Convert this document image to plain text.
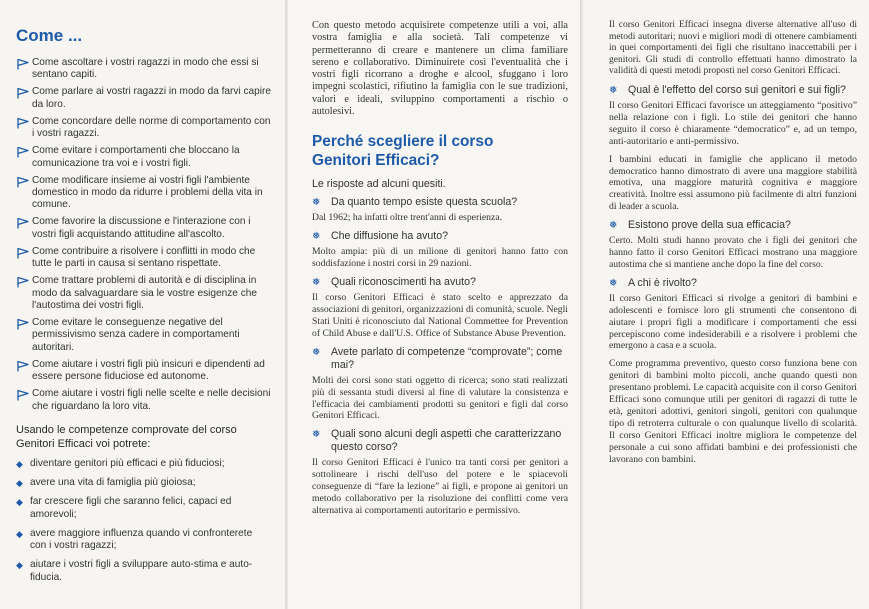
Come ...
Come ascoltare i vostri ragazzi in modo che essi si sentano capiti.
Come parlare ai vostri ragazzi in modo da farvi capire da loro.
Come concordare delle norme di comportamento con i vostri ragazzi.
Come evitare i comportamenti che bloccano la comunicazione tra voi e i vostri figli.
Come modificare insieme ai vostri figli l'ambiente domestico in modo da ridurre i problemi della vita in comune.
Come favorire la discussione e l'interazione con i vostri figli acquistando attitudine all'ascolto.
Come contribuire a risolvere i conflitti in modo che tutte le parti in causa si sentano rispettate.
Come trattare problemi di autorità e di disciplina in modo da salvaguardare sia le vostre esigenze che l'autostima dei vostri figli.
Come evitare le conseguenze negative del permissivismo senza cadere in comportamenti autoritari.
Come aiutare i vostri figli più insicuri e dipendenti ad essere persone fiduciose ed autonome.
Come aiutare i vostri figli nelle scelte e nelle decisioni che riguardano la loro vita.

Usando le competenze comprovate del corso Genitori Efficaci voi potrete:

◆ diventare genitori più efficaci e più fiduciosi;
◆ avere una vita di famiglia più gioiosa;
◆ far crescere figli che saranno felici, capaci ed amorevoli;
◆ avere maggiore influenza quando vi confronterete con i vostri ragazzi;
◆ aiutare i vostri figli a sviluppare auto-stima e auto-fiducia.

Con questo metodo acquisirete competenze utili a voi, alla vostra famiglia e alla società. Tali competenze vi permetteranno di creare e mantenere un clima familiare sereno e collaborativo. Diminuirete così l'eventualità che i vostri figli ricorrano a droghe e alcool, sfuggano i loro impegni scolastici, rifiutino la famiglia con le sue tradizioni, valori e ideali, sviluppino comportamenti a rischio o autolesivi.

Perché scegliere il corso
Genitori Efficaci?

Le risposte ad alcuni quesiti.

❅	Da quanto tempo esiste questa scuola?

Dal 1962; ha infatti oltre trent'anni di esperienza.

❅	Che diffusione ha avuto?

Molto ampia: più di un milione di genitori hanno fatto con soddisfazione i nostri corsi in 29 nazioni.

❅	Quali riconoscimenti ha avuto?

Il corso Genitori Efficaci è stato scelto e apprezzato da associazioni di genitori, organizzazioni di comunità, scuole. Negli Stati Uniti è riconosciuto dal National Commettee for Prevention of Child Abuse e dall'U.S. Office of Substance Abuse Prevention.

❅	Avete parlato di competenze “comprovate”; come mai?

Molti dei corsi sono stati oggetto di ricerca; sono stati realizzati più di sessanta studi diversi al fine di valutare la consistenza e l'efficacia dei cambiamenti prodotti su genitori e figli dal corso Genitori Efficaci.

❅	Quali sono alcuni degli aspetti che caratterizzano questo corso?

Il corso Genitori Efficaci è l'unico tra tanti corsi per genitori a sottolineare i rischi dell'uso del potere e le spiacevoli conseguenze di “fare la lezione” ai figli, e propone ai genitori un metodo collaborativo per la risoluzione dei conflitti come vera alternativa ai comportamenti autoritario e permissivo.

Il corso Genitori Efficaci insegna diverse alternative all'uso di metodi autoritari; nuovi e migliori modi di ottenere cambiamenti in quei comportamenti dei figli che risultano inaccettabili per i genitori. Gli studi di controllo effettuati hanno dimostrato la validità di questi metodi proposti nel corso Genitori Efficaci.

❅	Qual è l'effetto del corso sui genitori e sui figli?

Il corso Genitori Efficaci favorisce un atteggiamento “positivo” nella relazione con i figli. Lo stile dei genitori che hanno seguito il corso è chiaramente “democratico” e, ad un tempo, anti-autoritario e anti-permissivo.

I bambini educati in famiglie che applicano il metodo democratico hanno dimostrato di avere una maggiore stabilità emotiva, una maggiore maturità cognitiva e maggiore creatività. Inoltre essi assumono più facilmente di altri funzioni di leader a scuola.

❅	Esistono prove della sua efficacia?

Certo. Molti studi hanno provato che i figli dei genitori che hanno fatto il corso Genitori Efficaci mostrano una maggiore autostima che si mantiene anche dopo la fine del corso.

❅	A chi è rivolto?

Il corso Genitori Efficaci si rivolge a genitori di bambini e adolescenti e fornisce loro gli strumenti che consentono di aiutare i propri figli a modificare i comportamenti che essi percepiscono come indesiderabili e a risolvere i problemi che emergono a casa e a scuola.

Come programma preventivo, questo corso funziona bene con genitori di bambini molto piccoli, anche quando questi non presentano problemi. Le capacità acquisite con il corso Genitori Efficaci sono comunque utili per genitori di ragazzi di tutte le età, genitori adottivi, genitori singoli, genitori con qualunque tipo di retroterra culturale o con qualunque livello di scolarità. Il corso Genitori Efficaci inoltre migliora le competenze del personale a cui sono affidati bambini e dei professionisti che lavorano con bambini.
